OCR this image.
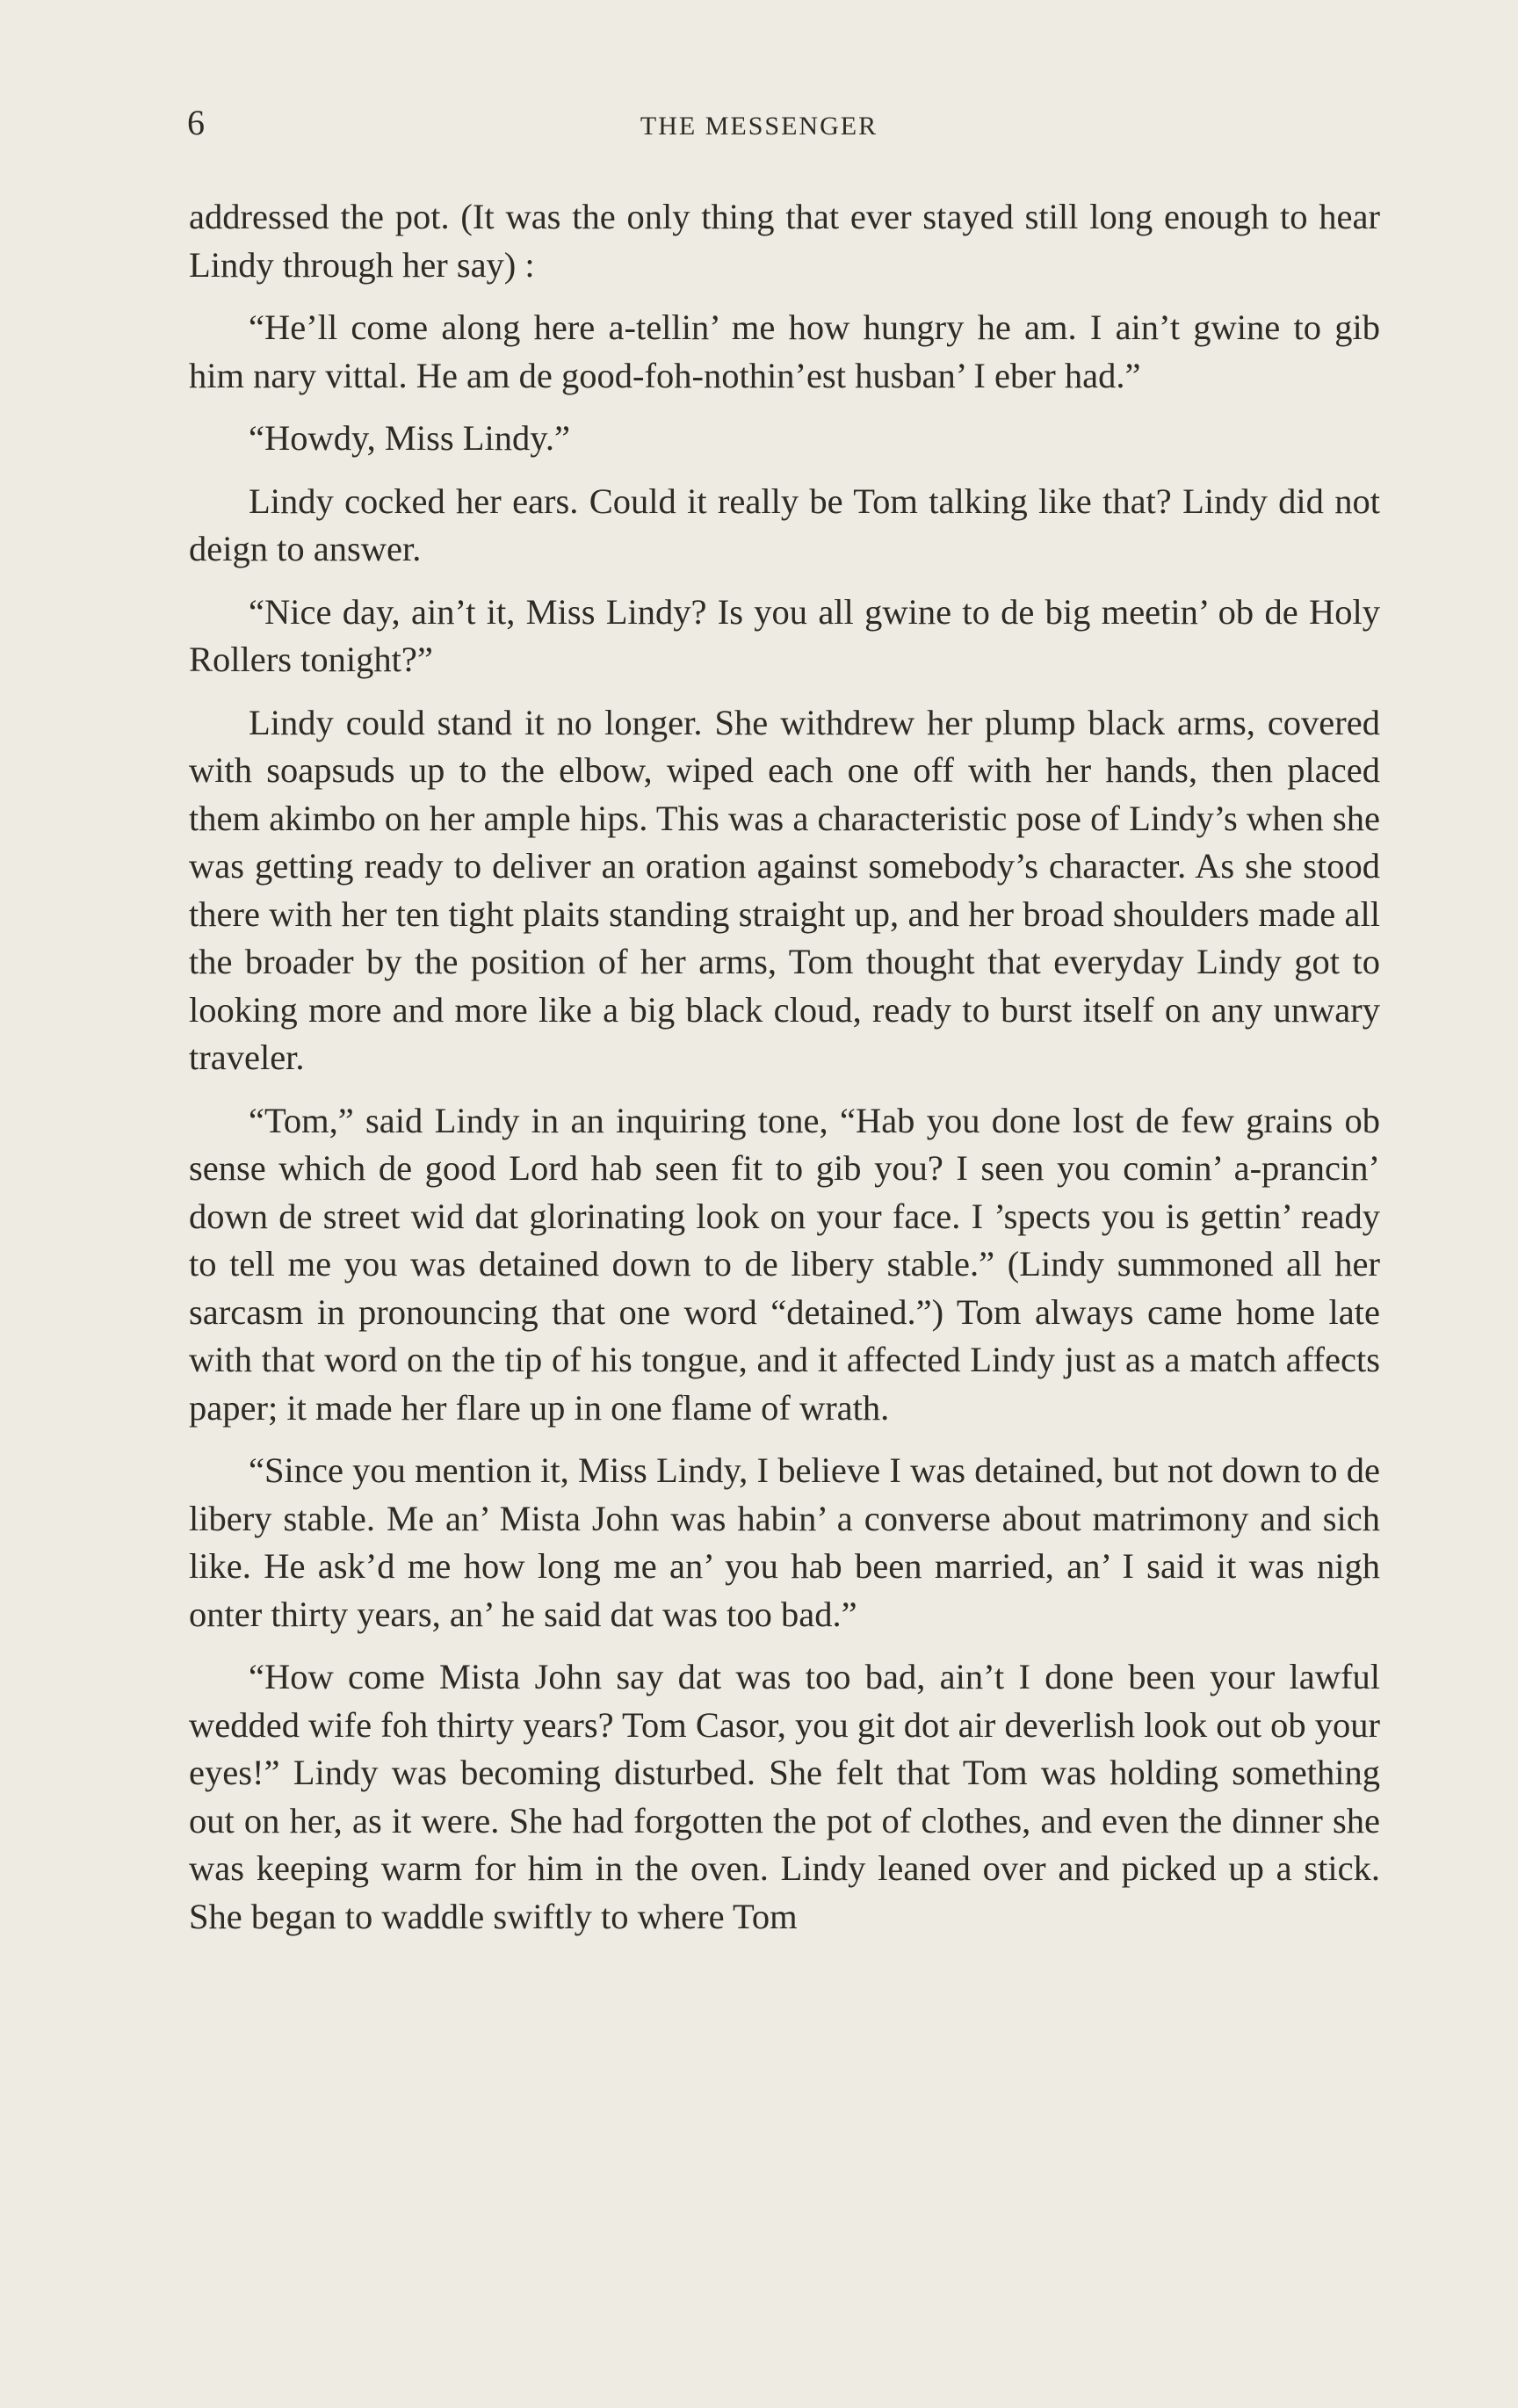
6	THE MESSENGER

addressed the pot. (It was the only thing that ever stayed still long enough to hear Lindy through her say) :

“He’ll come along here a-tellin’ me how hungry he am. I ain’t gwine to gib him nary vittal. He am de good-foh-nothin’est husban’ I eber had.”

“Howdy, Miss Lindy.”

Lindy cocked her ears. Could it really be Tom talking like that? Lindy did not deign to answer.

“Nice day, ain’t it, Miss Lindy? Is you all gwine to de big meetin’ ob de Holy Rollers tonight?”

Lindy could stand it no longer. She withdrew her plump black arms, covered with soapsuds up to the elbow, wiped each one off with her hands, then placed them akimbo on her ample hips. This was a characteristic pose of Lindy’s when she was getting ready to deliver an oration against somebody’s character. As she stood there with her ten tight plaits standing straight up, and her broad shoulders made all the broader by the position of her arms, Tom thought that everyday Lindy got to looking more and more like a big black cloud, ready to burst itself on any unwary traveler.

“Tom,” said Lindy in an inquiring tone, “Hab you done lost de few grains ob sense which de good Lord hab seen fit to gib you? I seen you comin’ a-prancin’ down de street wid dat glorinating look on your face. I ’spects you is gettin’ ready to tell me you was detained down to de libery stable.” (Lindy summoned all her sarcasm in pronouncing that one word “detained.”) Tom always came home late with that word on the tip of his tongue, and it affected Lindy just as a match affects paper; it made her flare up in one flame of wrath.

“Since you mention it, Miss Lindy, I believe I was detained, but not down to de libery stable. Me an’ Mista John was habin’ a converse about matrimony and sich like. He ask’d me how long me an’ you hab been married, an’ I said it was nigh onter thirty years, an’ he said dat was too bad.”

“How come Mista John say dat was too bad, ain’t I done been your lawful wedded wife foh thirty years? Tom Casor, you git dot air deverlish look out ob your eyes!” Lindy was becoming disturbed. She felt that Tom was holding something out on her, as it were. She had forgotten the pot of clothes, and even the dinner she was keeping warm for him in the oven. Lindy leaned over and picked up a stick. She began to waddle swiftly to where Tom
